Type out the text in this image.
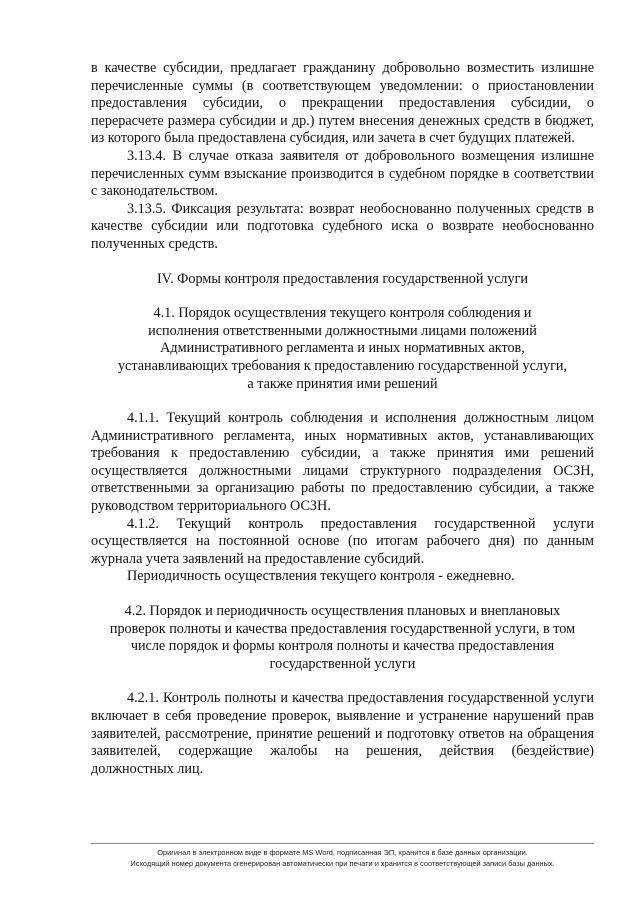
в качестве субсидии, предлагает гражданину добровольно возместить излишне перечисленные суммы (в соответствующем уведомлении: о приостановлении предоставления субсидии, о прекращении предоставления субсидии, о перерасчете размера субсидии и др.) путем внесения денежных средств в бюджет, из которого была предоставлена субсидия, или зачета в счет будущих платежей.

3.13.4. В случае отказа заявителя от добровольного возмещения излишне перечисленных сумм взыскание производится в судебном порядке в соответствии с законодательством.

3.13.5. Фиксация результата: возврат необоснованно полученных средств в качестве субсидии или подготовка судебного иска о возврате необоснованно полученных средств.

IV. Формы контроля предоставления государственной услуги

4.1. Порядок осуществления текущего контроля соблюдения и

исполнения ответственными должностными лицами положений

Административного регламента и иных нормативных актов,

устанавливающих требования к предоставлению государственной услуги,

а также принятия ими решений

4.1.1. Текущий контроль соблюдения и исполнения должностным лицом Административного регламента, иных нормативных актов, устанавливающих требования к предоставлению субсидии, а также принятия ими решений осуществляется должностными лицами структурного подразделения ОСЗН, ответственными за организацию работы по предоставлению субсидии, а также руководством территориального ОСЗН.

4.1.2. Текущий контроль предоставления государственной услуги осуществляется на постоянной основе (по итогам рабочего дня) по данным журнала учета заявлений на предоставление субсидий.

Периодичность осуществления текущего контроля - ежедневно.

4.2. Порядок и периодичность осуществления плановых и внеплановых

проверок полноты и качества предоставления государственной услуги, в том

числе порядок и формы контроля полноты и качества предоставления

государственной услуги

4.2.1. Контроль полноты и качества предоставления государственной услуги включает в себя проведение проверок, выявление и устранение нарушений прав заявителей, рассмотрение, принятие решений и подготовку ответов на обращения заявителей, содержащие жалобы на решения, действия (бездействие) должностных лиц.

Оригинал в электронном виде в формате MS Word, подписанная ЭП, хранится в базе данных организации.
Исходящий номер документа сгенерирован автоматически при печати и хранится в соответствующей записи базы данных.
